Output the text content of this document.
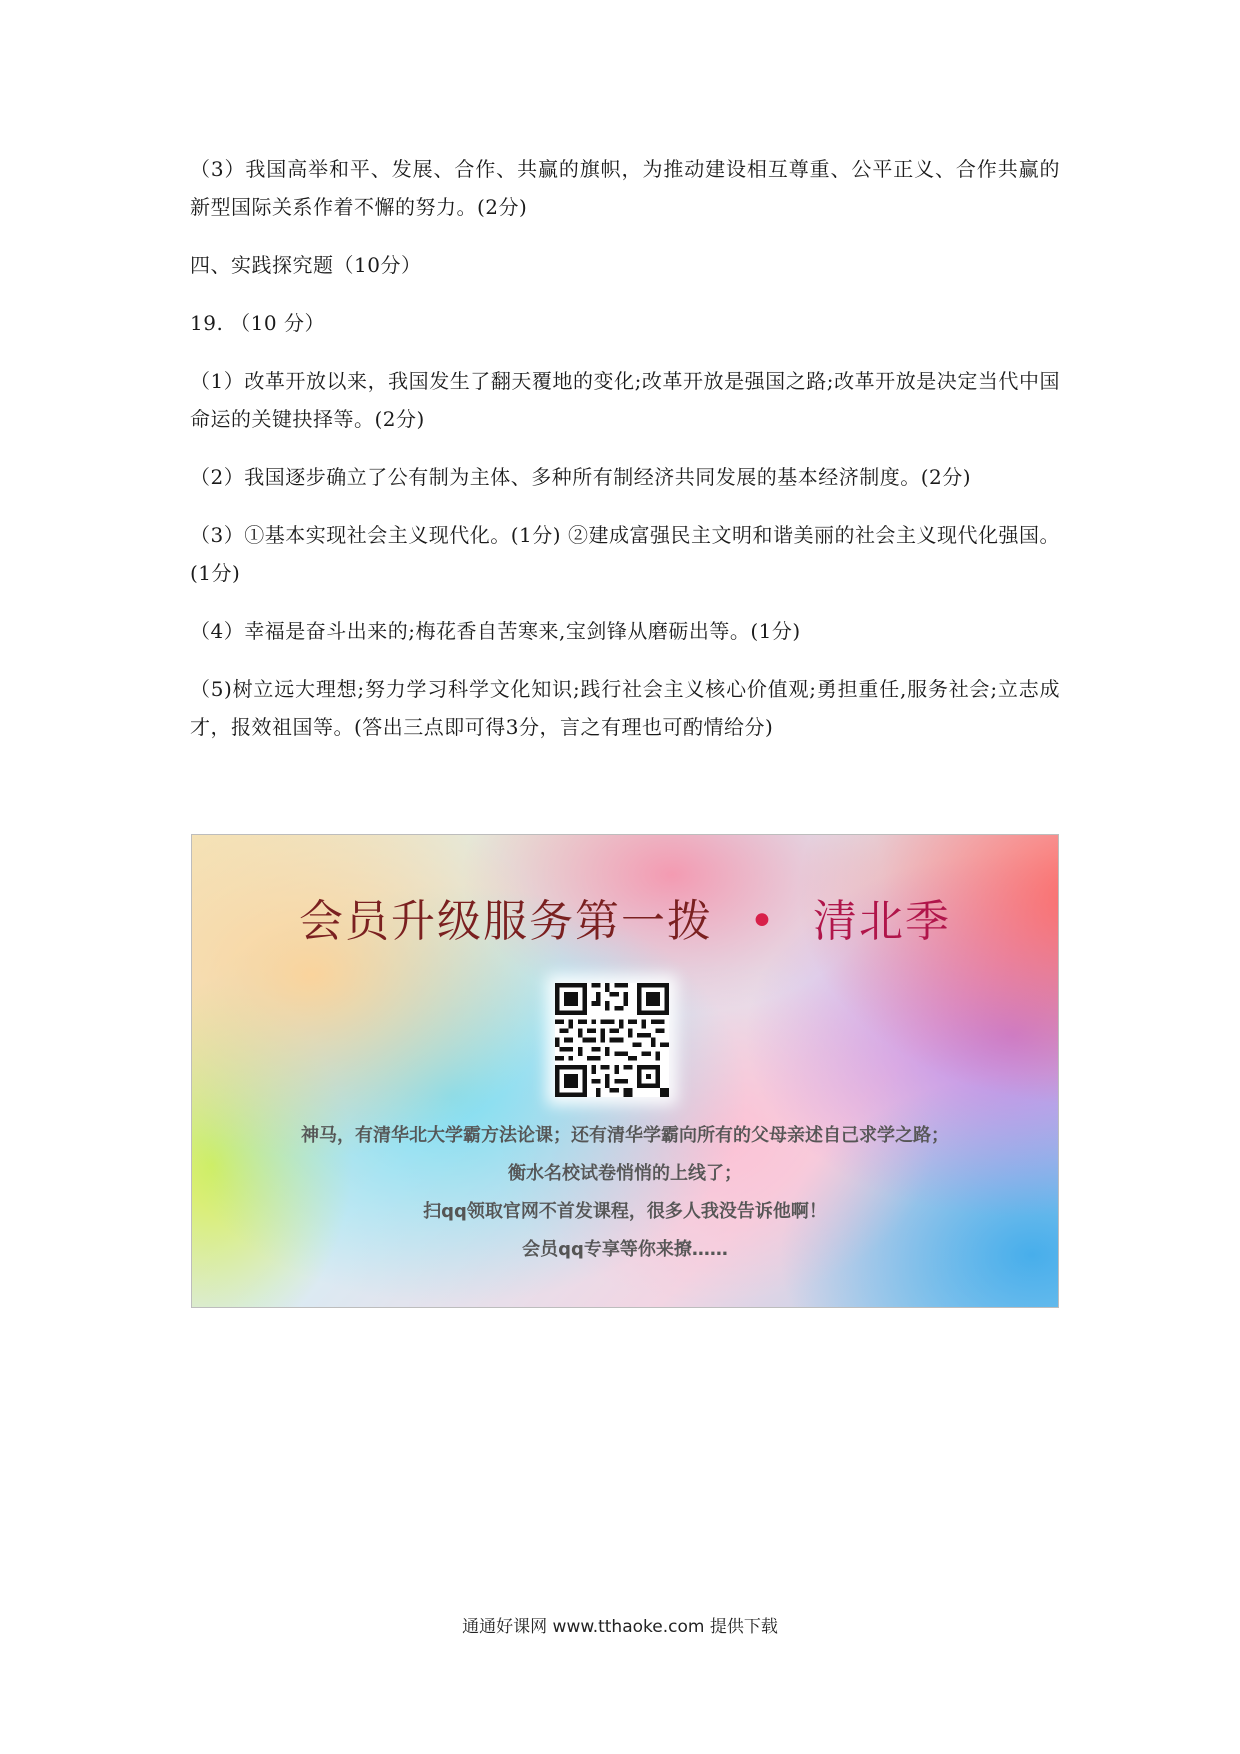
（3）我国高举和平、发展、合作、共赢的旗帜，为推动建设相互尊重、公平正义、合作共赢的新型国际关系作着不懈的努力。(2分)

四、实践探究题（10分）

19. （10 分）

（1）改革开放以来，我国发生了翻天覆地的变化;改革开放是强国之路;改革开放是决定当代中国命运的关键抉择等。(2分)

（2）我国逐步确立了公有制为主体、多种所有制经济共同发展的基本经济制度。(2分)

（3）①基本实现社会主义现代化。(1分) ②建成富强民主文明和谐美丽的社会主义现代化强国。(1分)

（4）幸福是奋斗出来的;梅花香自苦寒来,宝剑锋从磨砺出等。(1分)

（5)树立远大理想;努力学习科学文化知识;践行社会主义核心价值观;勇担重任,服务社会;立志成才，报效祖国等。(答出三点即可得3分，言之有理也可酌情给分)

会员升级服务第一拨 • 清北季
神马，有清华北大学霸方法论课；还有清华学霸向所有的父母亲述自己求学之路；
衡水名校试卷悄悄的上线了；
扫qq领取官网不首发课程，很多人我没告诉他啊！
会员qq专享等你来撩……
通通好课网 www.tthaoke.com 提供下载
